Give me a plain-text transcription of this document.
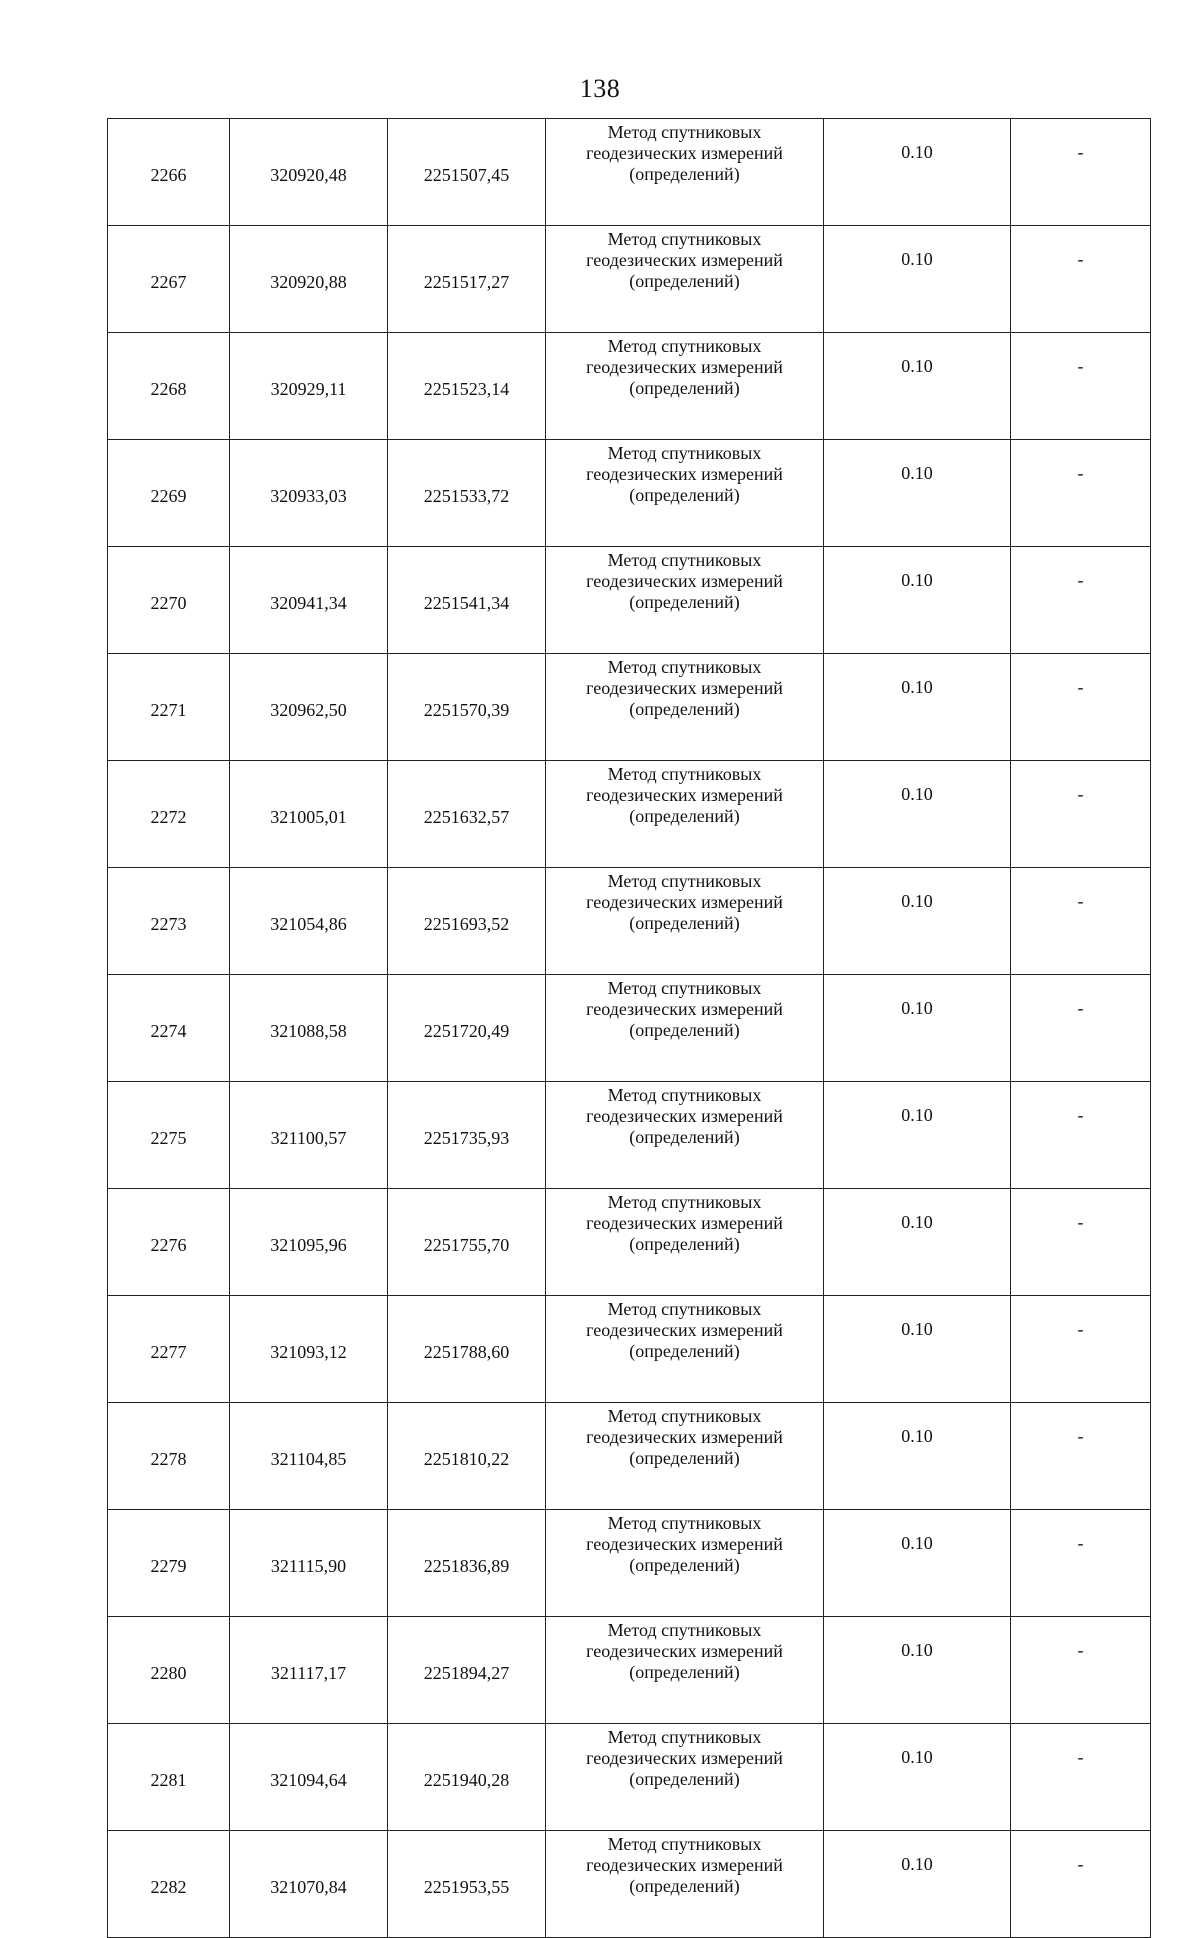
138
2266	320920,48	2251507,45	Метод спутниковых
геодезических измерений
(определений)	0.10	-
2267	320920,88	2251517,27	Метод спутниковых
геодезических измерений
(определений)	0.10	-
2268	320929,11	2251523,14	Метод спутниковых
геодезических измерений
(определений)	0.10	-
2269	320933,03	2251533,72	Метод спутниковых
геодезических измерений
(определений)	0.10	-
2270	320941,34	2251541,34	Метод спутниковых
геодезических измерений
(определений)	0.10	-
2271	320962,50	2251570,39	Метод спутниковых
геодезических измерений
(определений)	0.10	-
2272	321005,01	2251632,57	Метод спутниковых
геодезических измерений
(определений)	0.10	-
2273	321054,86	2251693,52	Метод спутниковых
геодезических измерений
(определений)	0.10	-
2274	321088,58	2251720,49	Метод спутниковых
геодезических измерений
(определений)	0.10	-
2275	321100,57	2251735,93	Метод спутниковых
геодезических измерений
(определений)	0.10	-
2276	321095,96	2251755,70	Метод спутниковых
геодезических измерений
(определений)	0.10	-
2277	321093,12	2251788,60	Метод спутниковых
геодезических измерений
(определений)	0.10	-
2278	321104,85	2251810,22	Метод спутниковых
геодезических измерений
(определений)	0.10	-
2279	321115,90	2251836,89	Метод спутниковых
геодезических измерений
(определений)	0.10	-
2280	321117,17	2251894,27	Метод спутниковых
геодезических измерений
(определений)	0.10	-
2281	321094,64	2251940,28	Метод спутниковых
геодезических измерений
(определений)	0.10	-
2282	321070,84	2251953,55	Метод спутниковых
геодезических измерений
(определений)	0.10	-
